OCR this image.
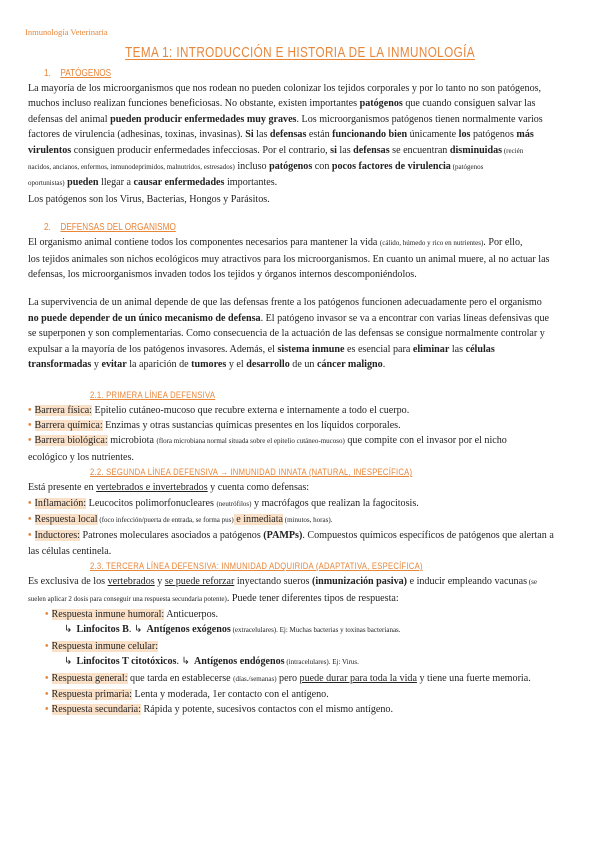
Inmunología Veterinaria
TEMA 1: INTRODUCCIÓN E HISTORIA DE LA INMUNOLOGÍA
1. PATÓGENOS

La mayoría de los microorganismos que nos rodean no pueden colonizar los tejidos corporales y por lo tanto no son patógenos,

muchos incluso realizan funciones beneficiosas. No obstante, existen importantes patógenos que cuando consiguen salvar las

defensas del animal pueden producir enfermedades muy graves. Los microorganismos patógenos tienen normalmente varios

factores de virulencia (adhesinas, toxinas, invasinas). Si las defensas están funcionando bien únicamente los patógenos más

virulentos consiguen producir enfermedades infecciosas. Por el contrario, si las defensas se encuentran disminuidas (recién

nacidos, ancianos, enfermos, inmunodeprimidos, malnutridos, estresados) incluso patógenos con pocos factores de virulencia (patógenos

oportunistas) pueden llegar a causar enfermedades importantes.

Los patógenos son los Virus, Bacterias, Hongos y Parásitos.

2. DEFENSAS DEL ORGANISMO

El organismo animal contiene todos los componentes necesarios para mantener la vida (cálido, húmedo y rico en nutrientes). Por ello,

los tejidos animales son nichos ecológicos muy atractivos para los microorganismos. En cuanto un animal muere, al no actuar las

defensas, los microorganismos invaden todos los tejidos y órganos internos descomponiéndolos.

La supervivencia de un animal depende de que las defensas frente a los patógenos funcionen adecuadamente pero el organismo

no puede depender de un único mecanismo de defensa. El patógeno invasor se va a encontrar con varias líneas defensivas que

se superponen y son complementarias. Como consecuencia de la actuación de las defensas se consigue normalmente controlar y

expulsar a la mayoría de los patógenos invasores. Además, el sistema inmune es esencial para eliminar las células

transformadas y evitar la aparición de tumores y el desarrollo de un cáncer maligno.

2.1. PRIMERA LÍNEA DEFENSIVA

• Barrera física: Epitelio cutáneo-mucoso que recubre externa e internamente a todo el cuerpo.

• Barrera química: Enzimas y otras sustancias químicas presentes en los líquidos corporales.

• Barrera biológica: microbiota (flora microbiana normal situada sobre el epitelio cutáneo-mucoso) que compite con el invasor por el nicho

ecológico y los nutrientes.

2.2. SEGUNDA LÍNEA DEFENSIVA → INMUNIDAD INNATA (NATURAL, INESPECÍFICA)

Está presente en vertebrados e invertebrados y cuenta como defensas:

• Inflamación: Leucocitos polimorfonucleares (neutrófilos) y macrófagos que realizan la fagocitosis.

• Respuesta local (foco infección/puerta de entrada, se forma pus) e inmediata (minutos, horas).

• Inductores: Patrones moleculares asociados a patógenos (PAMPs). Compuestos químicos específicos de patógenos que alertan a

las células centinela.

2.3. TERCERA LÍNEA DEFENSIVA: INMUNIDAD ADQUIRIDA (ADAPTATIVA, ESPECÍFICA)

Es exclusiva de los vertebrados y se puede reforzar inyectando sueros (inmunización pasiva) e inducir empleando vacunas (se

suelen aplicar 2 dosis para conseguir una respuesta secundaria potente). Puede tener diferentes tipos de respuesta:

• Respuesta inmune humoral: Anticuerpos.

↳ Linfocitos B. ↳ Antígenos exógenos (extracelulares). Ej: Muchas bacterias y toxinas bacterianas.

• Respuesta inmune celular:

↳ Linfocitos T citotóxicos. ↳ Antígenos endógenos (intracelulares). Ej: Virus.

• Respuesta general: que tarda en establecerse (días./semanas) pero puede durar para toda la vida y tiene una fuerte memoria.

• Respuesta primaria: Lenta y moderada, 1er contacto con el antígeno.

• Respuesta secundaria: Rápida y potente, sucesivos contactos con el mismo antígeno.
